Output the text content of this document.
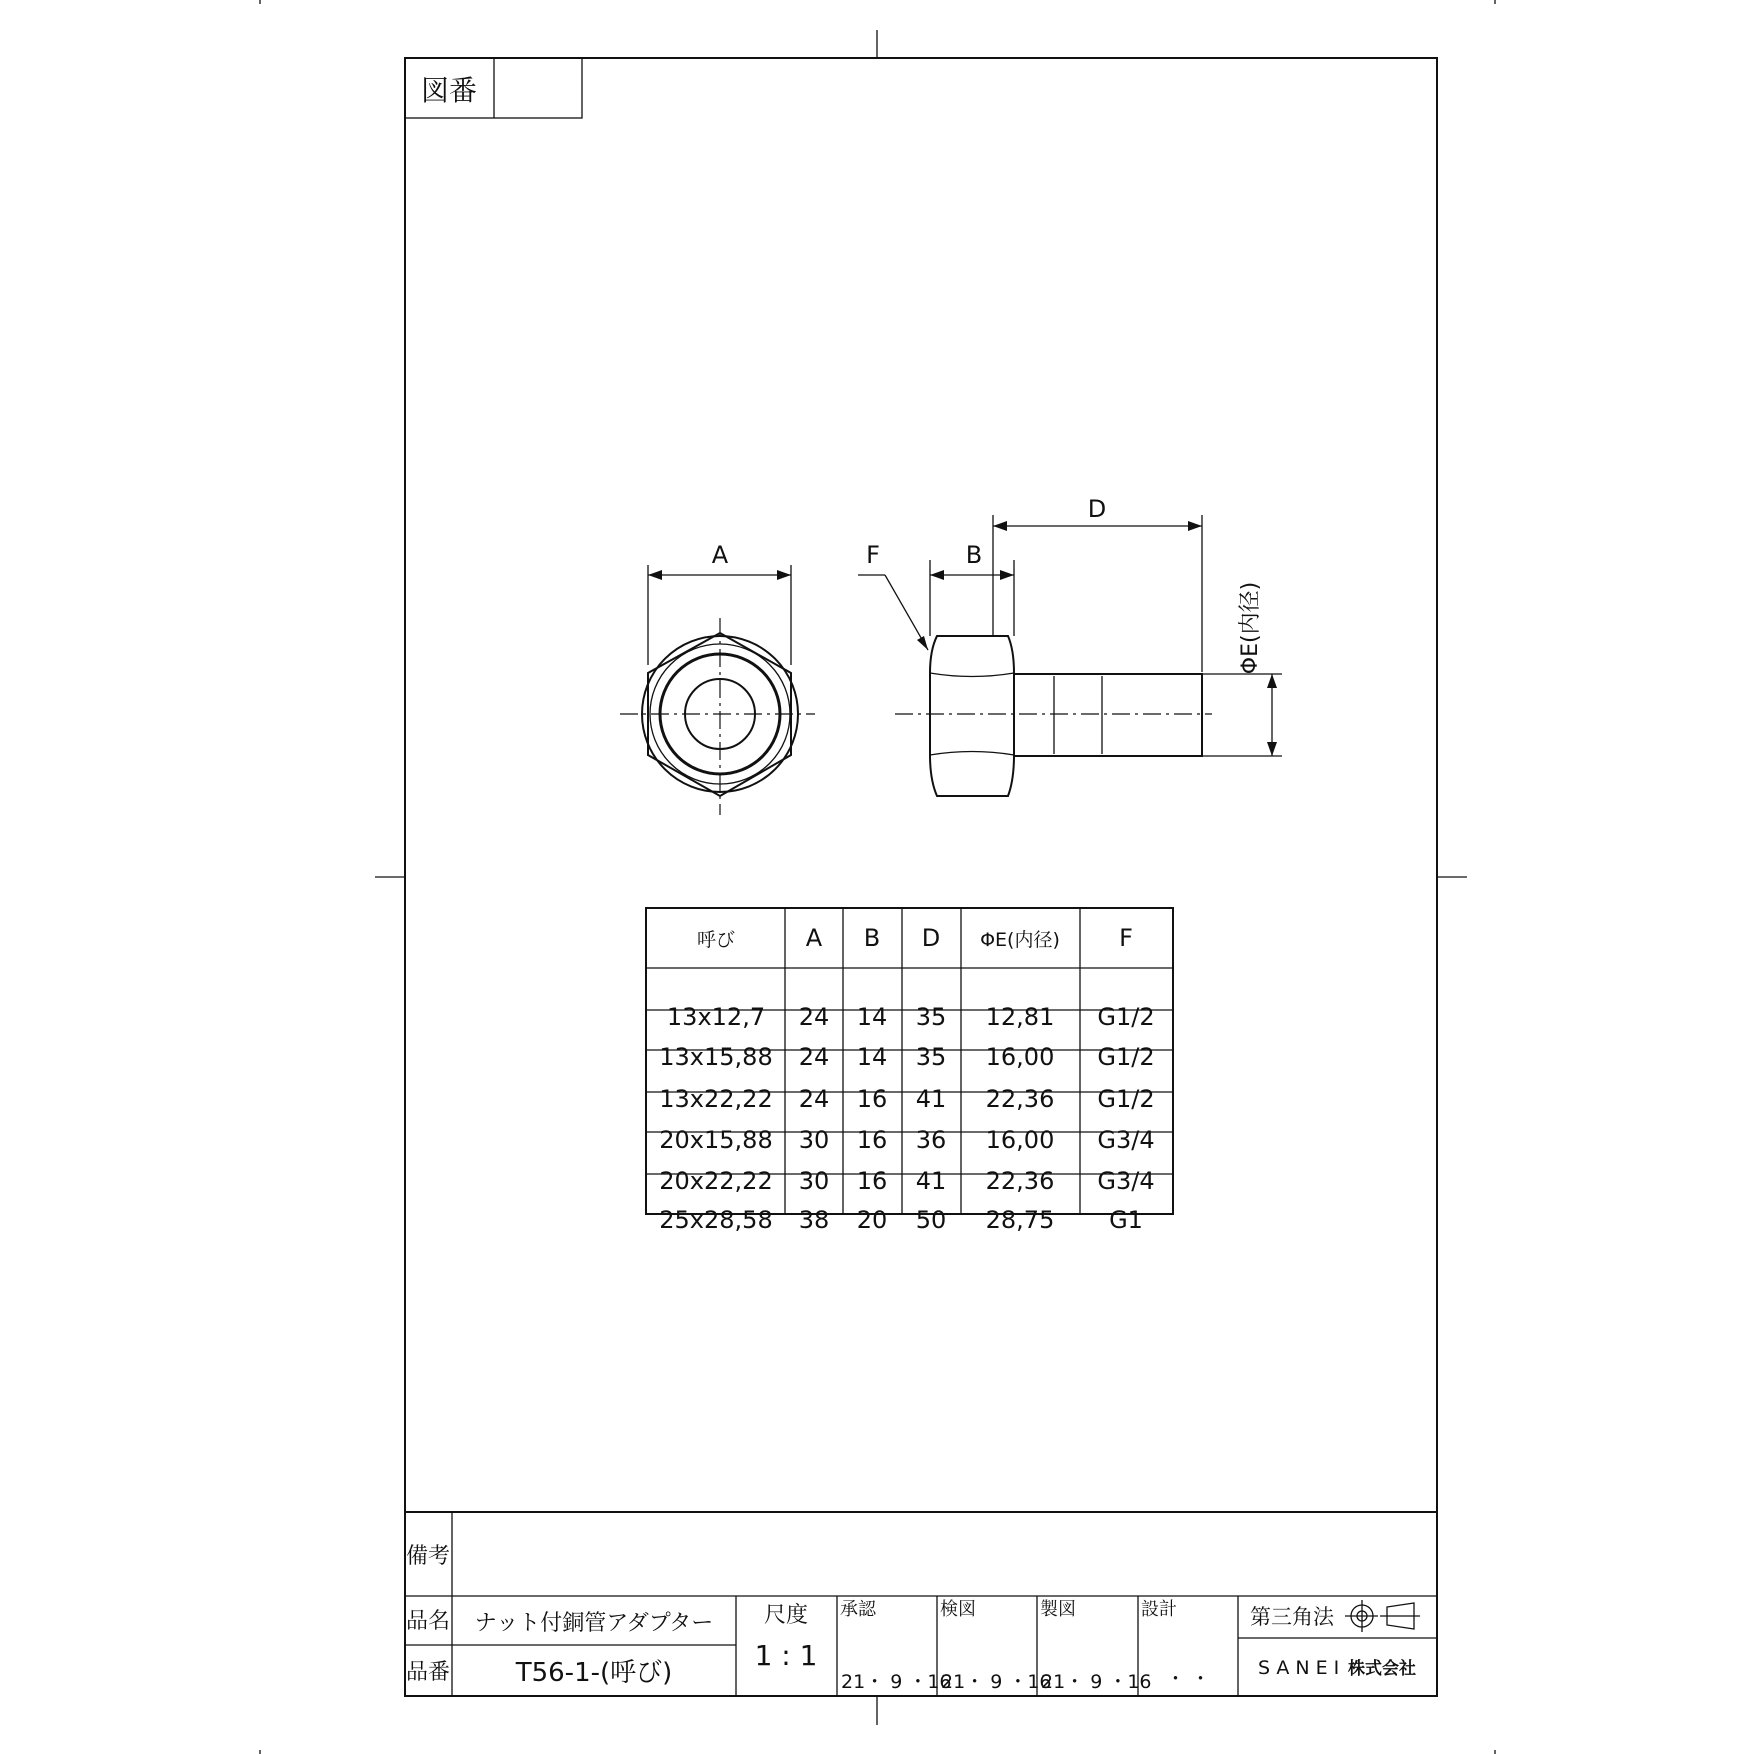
図番
A
D
B
F
ΦE(内径)
呼び	A B D ΦE(内径) F
13x12,7 24 14 35 12,81 G1/2
13x15,88 24 14 35 16,00 G1/2
13x22,22 24 16 41 22,36 G1/2
20x15,88 30 16 36 16,00 G3/4
20x22,22 30 16 41 22,36 G3/4
25x28,58 38 20 50 28,75 G1
備考
品名 ナット付銅管アダプター
品番	T56-1-(呼び)
尺度
1 : 1
承認
21・ 9 ・16
検図
21・ 9 ・16
製図
21・ 9 ・16
設計
・ ・
第三角法
SANEI 株式会社
